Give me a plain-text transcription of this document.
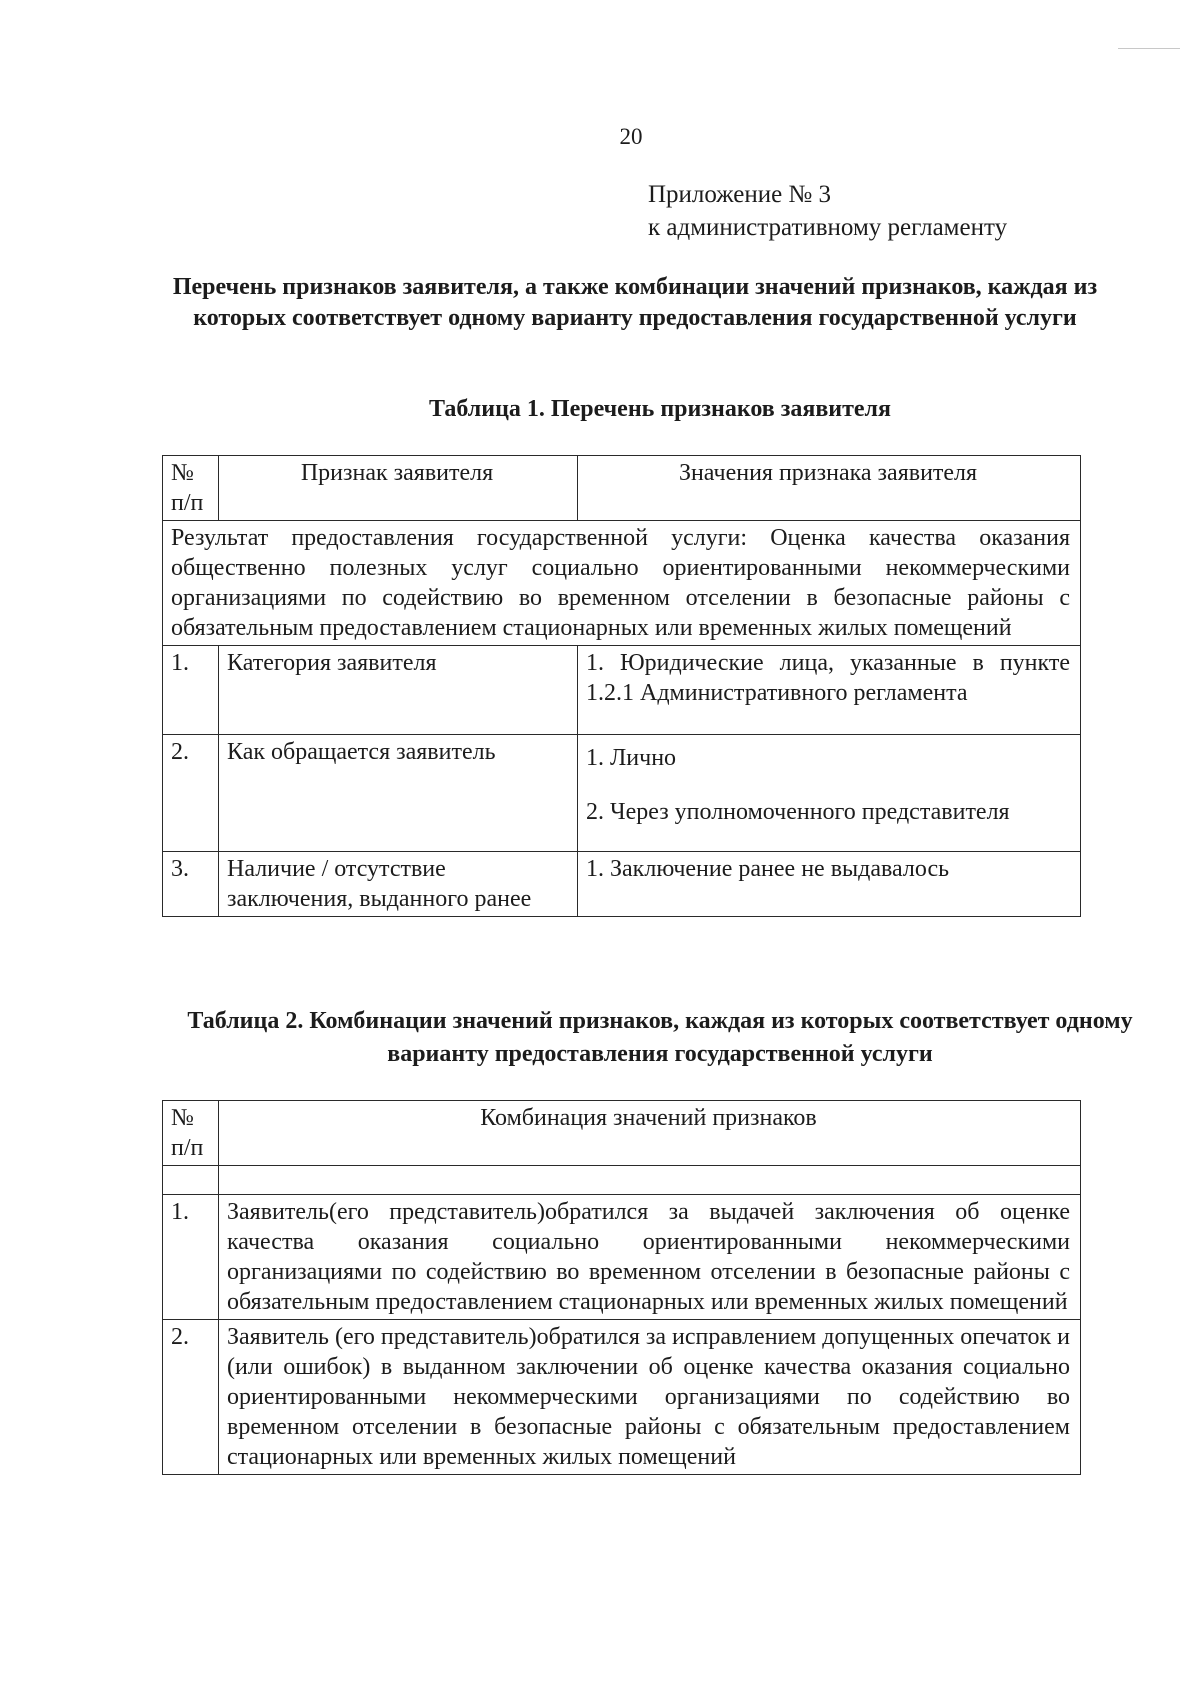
20
Приложение № 3
к административному регламенту
Перечень признаков заявителя, а также комбинации значений признаков, каждая из которых соответствует одному варианту предоставления государственной услуги
Таблица 1. Перечень признаков заявителя
№ п/п	Признак заявителя	Значения признака заявителя
Результат предоставления государственной услуги: Оценка качества оказания общественно полезных услуг социально ориентированными некоммерческими организациями по содействию во временном отселении в безопасные районы с обязательным предоставлением стационарных или временных жилых помещений		
1.	Категория заявителя	1. Юридические лица, указанные в пункте 1.2.1 Административного регламента

2.	Как обращается заявитель	1. Лично
2. Через уполномоченного представителя

3.	Наличие / отсутствие заключения, выданного ранее	1. Заключение ранее не выдавалось
Таблица 2. Комбинации значений признаков, каждая из которых соответствует одному варианту предоставления государственной услуги
№ п/п	Комбинация значений признаков

1.	Заявитель(его представитель)обратился за выдачей заключения об оценке качества оказания социально ориентированными некоммерческими организациями по содействию во временном отселении в безопасные районы с обязательным предоставлением стационарных или временных жилых помещений
2.	Заявитель (его представитель)обратился за исправлением допущенных опечаток и (или ошибок) в выданном заключении об оценке качества оказания социально ориентированными некоммерческими организациями по содействию во временном отселении в безопасные районы с обязательным предоставлением стационарных или временных жилых помещений
